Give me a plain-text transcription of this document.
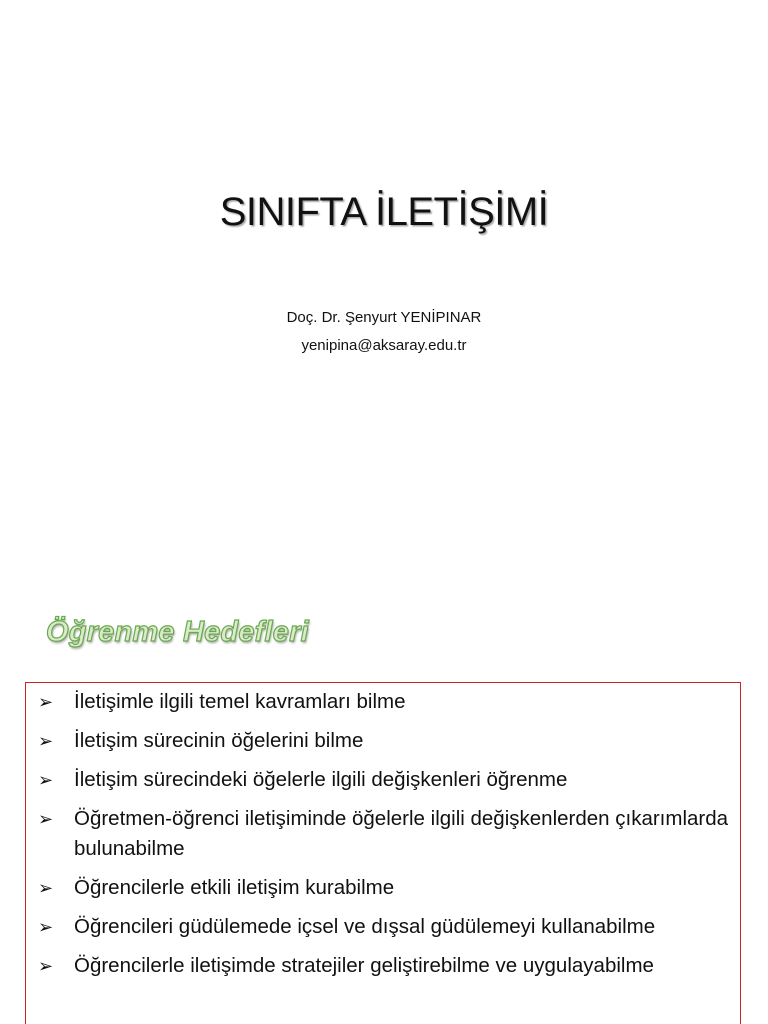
SINIFTA İLETİŞİMİ
Doç. Dr. Şenyurt YENİPINAR
yenipina@aksaray.edu.tr
Öğrenme Hedefleri
➢ İletişimle ilgili temel kavramları bilme
➢ İletişim sürecinin öğelerini bilme
➢ İletişim sürecindeki öğelerle ilgili değişkenleri öğrenme
➢ Öğretmen-öğrenci iletişiminde öğelerle ilgili değişkenlerden çıkarımlarda bulunabilme
➢ Öğrencilerle etkili iletişim kurabilme
➢ Öğrencileri güdülemede içsel ve dışsal güdülemeyi kullanabilme
➢ Öğrencilerle iletişimde stratejiler geliştirebilme ve uygulayabilme
